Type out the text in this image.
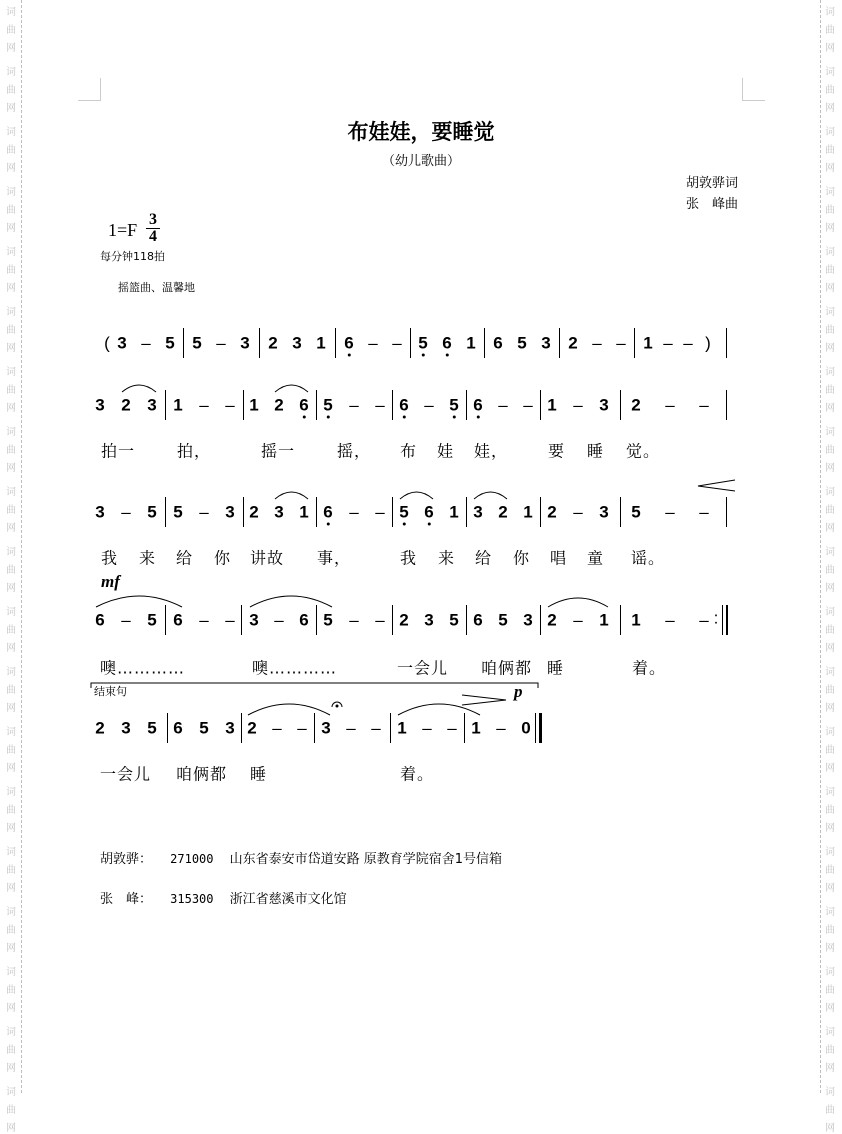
词
曲
网
词
曲
网
词
曲
网
词
曲
网
词
曲
网
词
曲
网
词
曲
网
词
曲
网
词
曲
网
词
曲
网
词
曲
网
词
曲
网
词
曲
网
词
曲
网
词
曲
网
词
曲
网
词
曲
网
词
曲
网
词
曲
网
词
曲
网
词
曲
网
词
曲
网
词
曲
网
词
曲
网
词
曲
网
词
曲
网
词
曲
网
词
曲
网
词
曲
网
词
曲
网
词
曲
网
词
曲
网
词
曲
网
词
曲
网
词
曲
网
词
曲
网
词
曲
网
词
曲
网
布娃娃，要睡觉
（幼儿歌曲）
胡敦骅词
张　峰曲
1=F
3
4
每分钟118拍
摇篮曲、温馨地
mf
p
结束句
3 – 5 5 – 3 2 3 1 6 – – 5 6 1 6 5 3 2 – – 1 – – )
3 2 3 1 – – 1 2 6 5 – – 6 – 5 6 – – 1 – 3 2 – –
拍一	拍，	摇一	摇， 布 娃 娃， 要 睡 觉。
3 – 5 5 – 3 2 3 1 6 – – 5 6 1 3 2 1 2 – 3 5 – –
我 来 给 你 讲故 事，	我 来 给 你 唱 童 谣。
6 – 5 6 – – 3 – 6 5 – – 2 3 5 6 5 3 2 – 1 1 – –
噢…………	噢…………	一会儿 咱俩都 睡	着。
2 3 5 6 5 3 2 – – 3 – – 1 – – 1 – 0
一会儿 咱俩都 睡	着。
(
:
胡敦骅： 271000 山东省泰安市岱道安路 原教育学院宿舍1号信箱
张　峰： 315300 浙江省慈溪市文化馆
